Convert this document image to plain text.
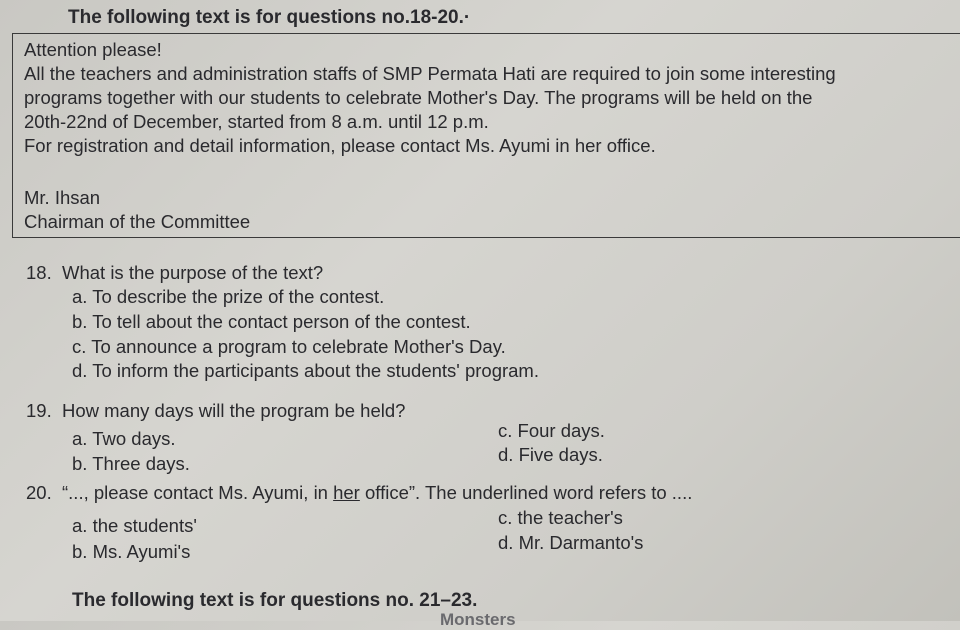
The following text is for questions no.18-20.·
Attention please!
All the teachers and administration staffs of SMP Permata Hati are required to join some interesting
programs together with our students to celebrate Mother's Day. The programs will be held on the
20th-22nd of December, started from 8 a.m. until 12 p.m.
For registration and detail information, please contact Ms. Ayumi in her office.
Mr. Ihsan
Chairman of the Committee
18. What is the purpose of the text?
a. To describe the prize of the contest.
b. To tell about the contact person of the contest.
c. To announce a program to celebrate Mother's Day.
d. To inform the participants about the students' program.
19. How many days will the program be held?
a. Two days.
b. Three days.
c. Four days.
d. Five days.
20. “..., please contact Ms. Ayumi, in her office”. The underlined word refers to ....
a. the students'
b. Ms. Ayumi's
c. the teacher's
d. Mr. Darmanto's
The following text is for questions no. 21–23.
Monsters
